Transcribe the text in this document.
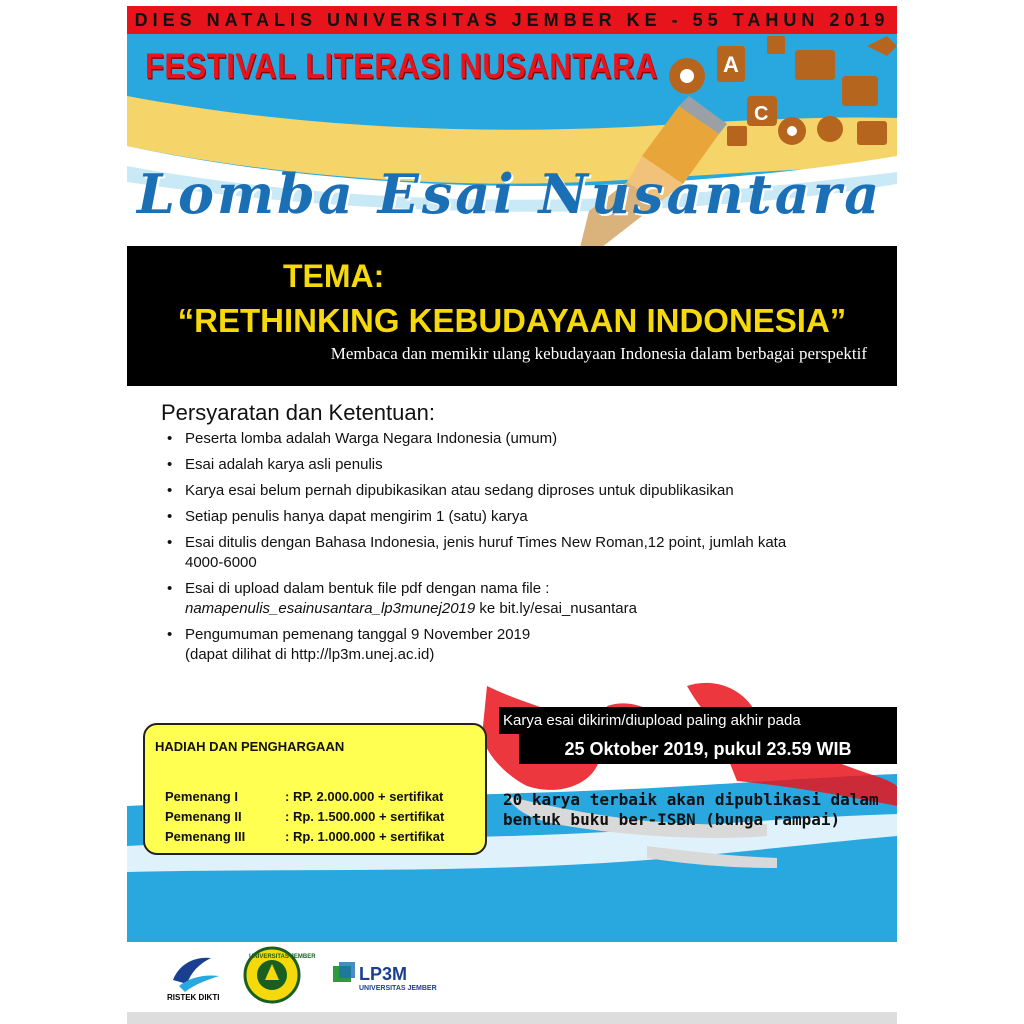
A
C
DIES NATALIS UNIVERSITAS JEMBER KE - 55 TAHUN 2019
FESTIVAL LITERASI NUSANTARA
Lomba Esai Nusantara
TEMA:
“RETHINKING KEBUDAYAAN INDONESIA”
Membaca dan memikir ulang kebudayaan Indonesia dalam berbagai perspektif
Persyaratan dan Ketentuan:
• Peserta lomba adalah Warga Negara Indonesia (umum)
• Esai adalah karya asli penulis
• Karya esai belum pernah dipubikasikan atau sedang diproses untuk dipublikasikan
• Setiap penulis hanya dapat mengirim 1 (satu) karya
• Esai ditulis dengan Bahasa Indonesia, jenis huruf Times New Roman,12 point, jumlah kata 4000-6000
• Esai di upload dalam bentuk file pdf dengan nama file :
namapenulis_esainusantara_lp3munej2019 ke bit.ly/esai_nusantara
• Pengumuman pemenang tanggal 9 November 2019
(dapat dilihat di http://lp3m.unej.ac.id)
HADIAH DAN PENGHARGAAN
Pemenang I	: RP. 2.000.000 + sertifikat
Pemenang II	: Rp. 1.500.000 + sertifikat
Pemenang III	: Rp. 1.000.000 + sertifikat
Karya esai dikirim/diupload paling akhir pada
25 Oktober 2019, pukul 23.59 WIB
20 karya terbaik akan dipublikasi dalam bentuk buku ber-ISBN (bunga rampai)
RISTEK DIKTI
UNIVERSITAS JEMBER
LP3M
UNIVERSITAS JEMBER
